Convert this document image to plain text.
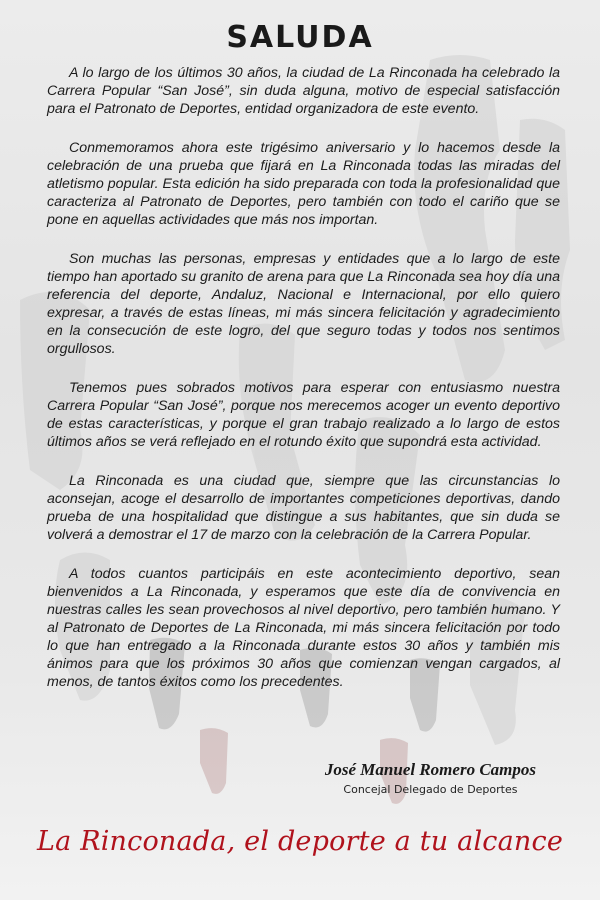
SALUDA

A lo largo de los últimos 30 años, la ciudad de La Rinconada ha celebrado la Carrera Popular “San José”, sin duda alguna, motivo de especial satisfacción para el Patronato de Deportes, entidad organizadora de este evento.

Conmemoramos ahora este trigésimo aniversario y lo hacemos desde la celebración de una prueba que fijará en La Rinconada todas las miradas del atletismo popular. Esta edición ha sido preparada con toda la profesionalidad que caracteriza al Patronato de Deportes, pero también con todo el cariño que se pone en aquellas actividades que más nos importan.

Son muchas las personas, empresas y entidades que a lo largo de este tiempo han aportado su granito de arena para que La Rinconada sea hoy día una referencia del deporte, Andaluz, Nacional e Internacional, por ello quiero expresar, a través de estas líneas, mi más sincera felicitación y agradecimiento en la consecución de este logro, del que seguro todas y todos nos sentimos orgullosos.

Tenemos pues sobrados motivos para esperar con entusiasmo nuestra Carrera Popular “San José”, porque nos merecemos acoger un evento deportivo de estas características, y porque el gran trabajo realizado a lo largo de estos últimos años se verá reflejado en el rotundo éxito que supondrá esta actividad.

La Rinconada es una ciudad que, siempre que las circunstancias lo aconsejan, acoge el desarrollo de importantes competiciones deportivas, dando prueba de una hospitalidad que distingue a sus habitantes, que sin duda se volverá a demostrar el 17 de marzo con la celebración de la Carrera Popular.

A todos cuantos participáis en este acontecimiento deportivo, sean bienvenidos a La Rinconada, y esperamos que este día de convivencia en nuestras calles les sean provechosos al nivel deportivo, pero también humano. Y al Patronato de Deportes de La Rinconada, mi más sincera felicitación por todo lo que han entregado a la Rinconada durante estos 30 años y también mis ánimos para que los próximos 30 años que comienzan vengan cargados, al menos, de tantos éxitos como los precedentes.

José Manuel Romero Campos
Concejal Delegado de Deportes
La Rinconada, el deporte a tu alcance
